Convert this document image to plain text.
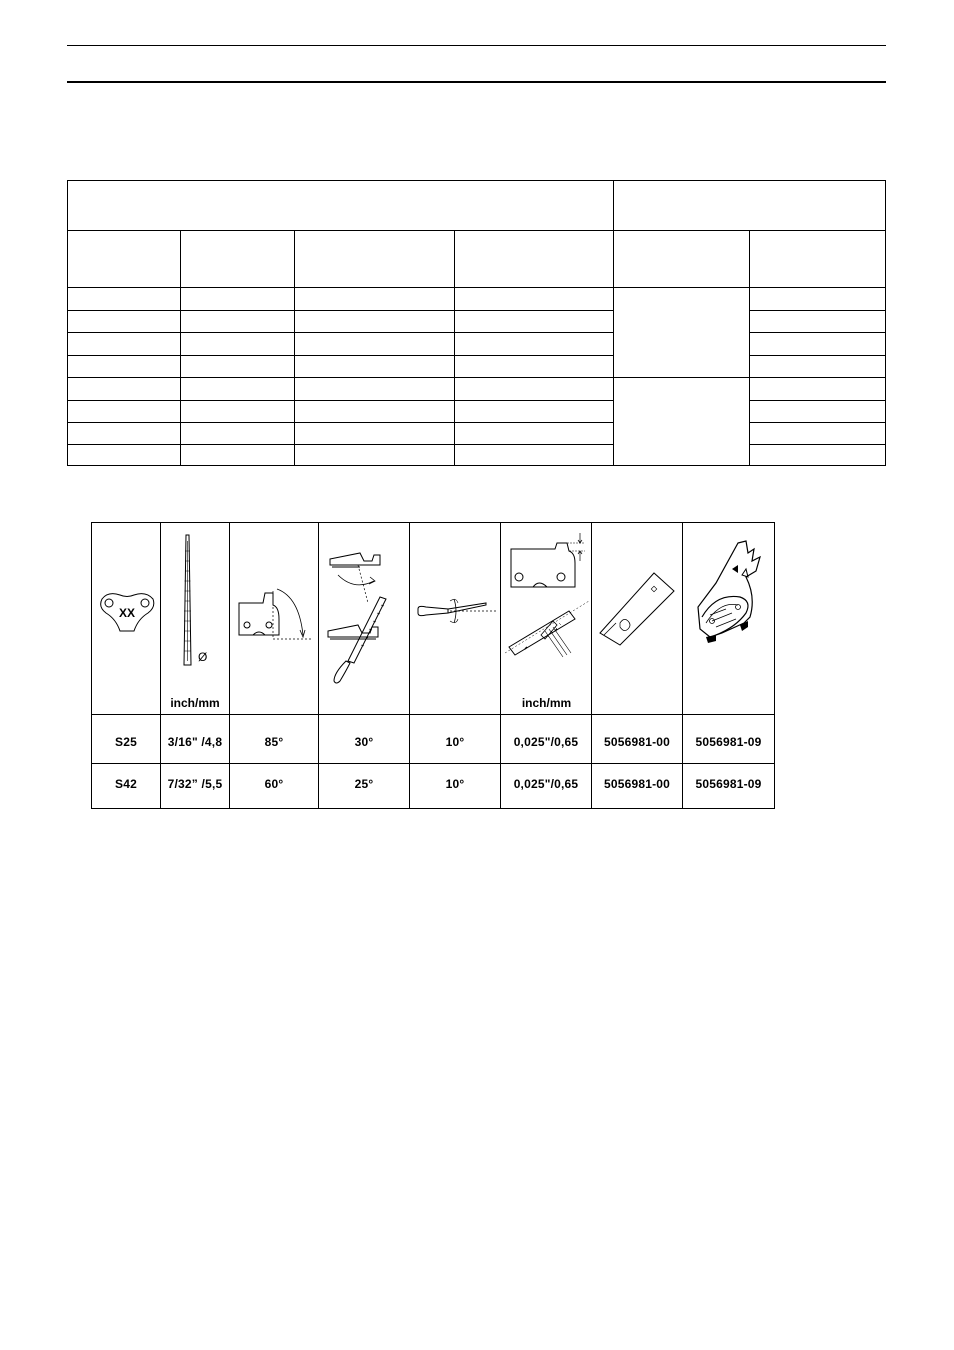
XX
Ø
inch/mm	inch/mm
S25	3/16" /4,8	85°	30°	10°	0,025"/0,65	5056981-00	5056981-09
S42	7/32” /5,5	60°	25°	10°	0,025"/0,65	5056981-00	5056981-09
